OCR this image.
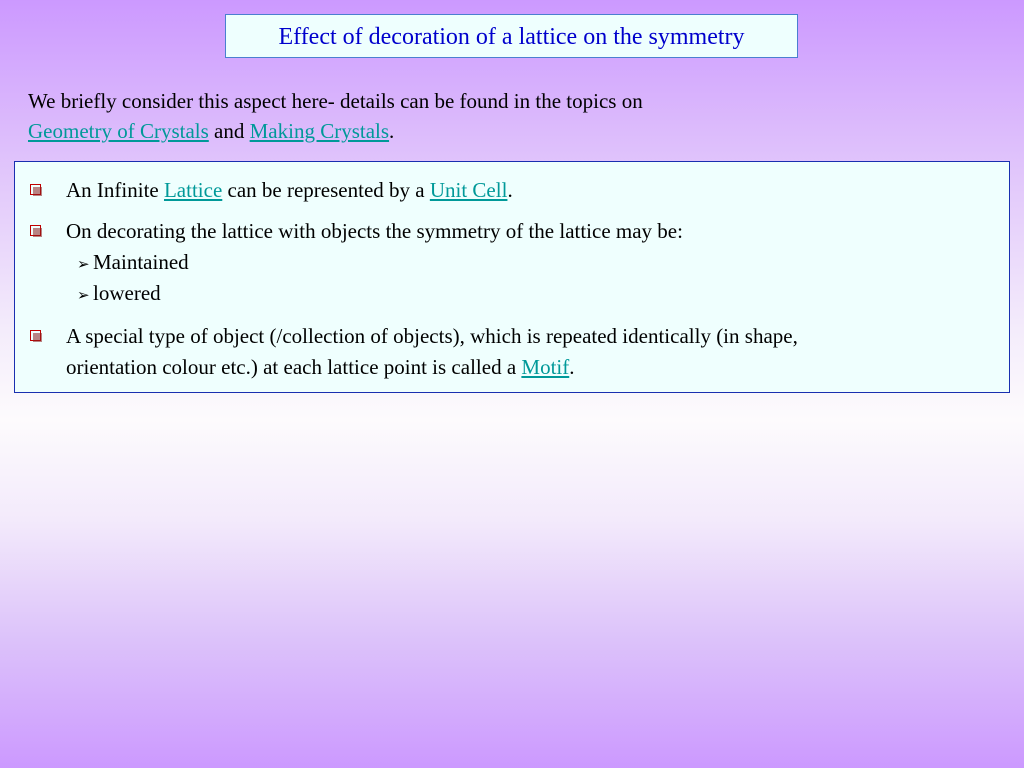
Effect of decoration of a lattice on the symmetry
We briefly consider this aspect here- details can be found in the topics on
Geometry of Crystals and Making Crystals.
An Infinite Lattice can be represented by a Unit Cell.
On decorating the lattice with objects the symmetry of the lattice may be:
➢ Maintained
➢ lowered
A special type of object (/collection of objects), which is repeated identically (in shape,
orientation colour etc.) at each lattice point is called a Motif.
